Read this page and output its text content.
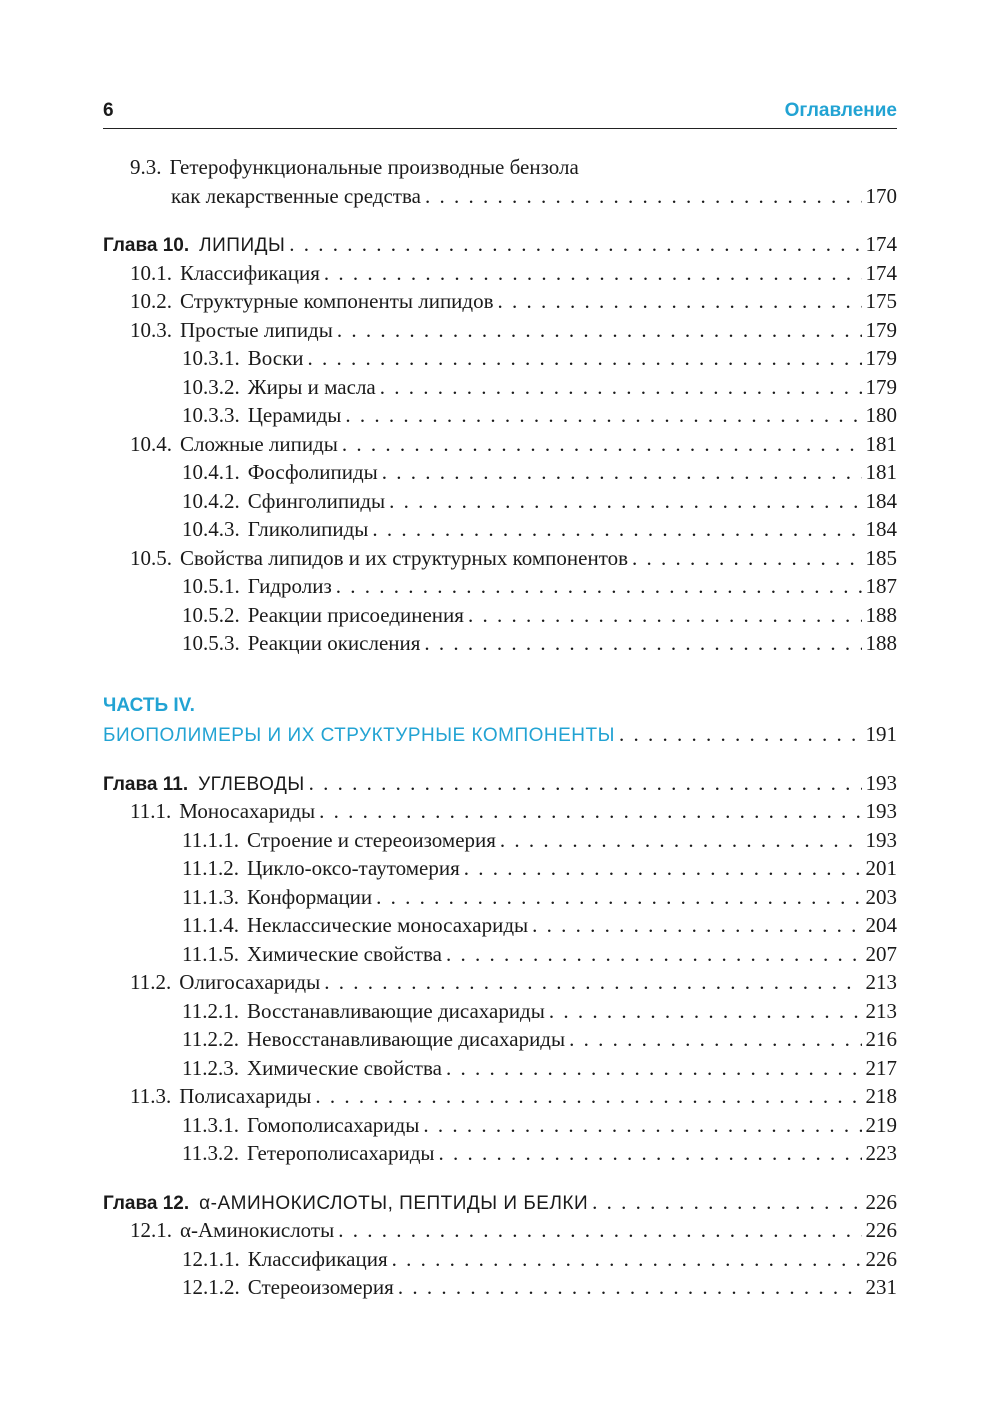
6	Оглавление
9.3. Гетерофункциональные производные бензола
как лекарственные средства . . .	170
Глава 10. ЛИПИДЫ . . .	174
10.1. Классификация . . .	174
10.2. Структурные компоненты липидов . . .	175
10.3. Простые липиды . . .	179
10.3.1. Воски . . .	179
10.3.2. Жиры и масла . . .	179
10.3.3. Церамиды . . .	180
10.4. Сложные липиды . . .	181
10.4.1. Фосфолипиды . . .	181
10.4.2. Сфинголипиды . . .	184
10.4.3. Гликолипиды . . .	184
10.5. Свойства липидов и их структурных компонентов . . .	185
10.5.1. Гидролиз . . .	187
10.5.2. Реакции присоединения . . .	188
10.5.3. Реакции окисления . . .	188
ЧАСТЬ IV.
БИОПОЛИМЕРЫ И ИХ СТРУКТУРНЫЕ КОМПОНЕНТЫ . . .	191
Глава 11. УГЛЕВОДЫ . . .	193
11.1. Моносахариды . . .	193
11.1.1. Строение и стереоизомерия . . .	193
11.1.2. Цикло-оксо-таутомерия . . .	201
11.1.3. Конформации . . .	203
11.1.4. Неклассические моносахариды . . .	204
11.1.5. Химические свойства . . .	207
11.2. Олигосахариды . . .	213
11.2.1. Восстанавливающие дисахариды . . .	213
11.2.2. Невосстанавливающие дисахариды . . .	216
11.2.3. Химические свойства . . .	217
11.3. Полисахариды . . .	218
11.3.1. Гомополисахариды . . .	219
11.3.2. Гетерополисахариды . . .	223
Глава 12. α-АМИНОКИСЛОТЫ, ПЕПТИДЫ И БЕЛКИ . . .	226
12.1. α-Аминокислоты . . .	226
12.1.1. Классификация . . .	226
12.1.2. Стереоизомерия . . .	231
